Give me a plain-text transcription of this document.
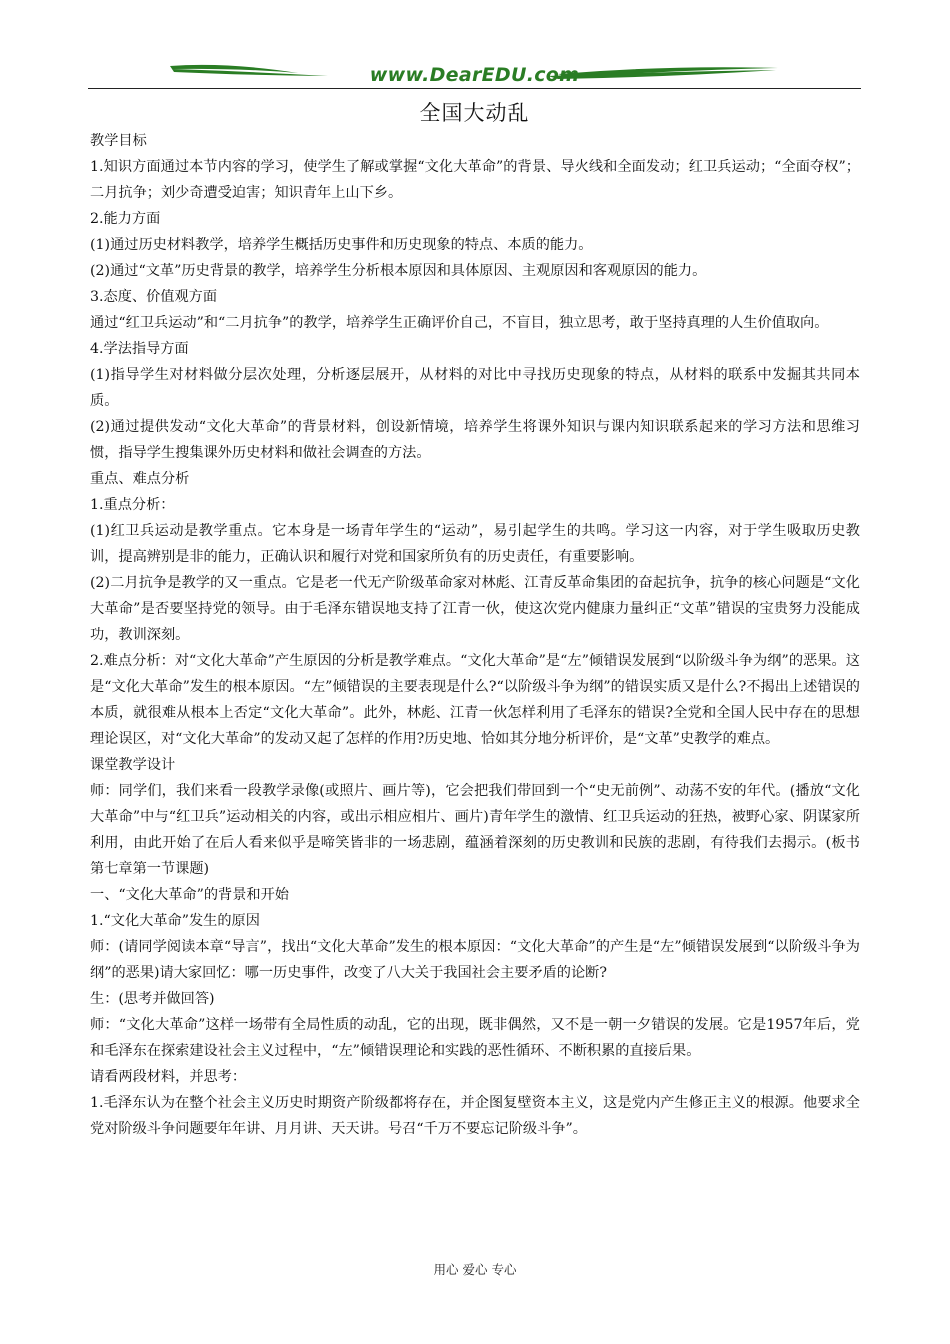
www.DearEDU.com
全国大动乱

教学目标

1.知识方面通过本节内容的学习，使学生了解或掌握“文化大革命”的背景、导火线和全面发动；红卫兵运动；“全面夺权”；二月抗争；刘少奇遭受迫害；知识青年上山下乡。

2.能力方面

(1)通过历史材料教学，培养学生概括历史事件和历史现象的特点、本质的能力。

(2)通过“文革”历史背景的教学，培养学生分析根本原因和具体原因、主观原因和客观原因的能力。

3.态度、价值观方面

通过“红卫兵运动”和“二月抗争”的教学，培养学生正确评价自己，不盲目，独立思考，敢于坚持真理的人生价值取向。

4.学法指导方面

(1)指导学生对材料做分层次处理，分析逐层展开，从材料的对比中寻找历史现象的特点，从材料的联系中发掘其共同本质。

(2)通过提供发动“文化大革命”的背景材料，创设新情境，培养学生将课外知识与课内知识联系起来的学习方法和思维习惯，指导学生搜集课外历史材料和做社会调查的方法。

重点、难点分析

1.重点分析：

(1)红卫兵运动是教学重点。它本身是一场青年学生的“运动”，易引起学生的共鸣。学习这一内容，对于学生吸取历史教训，提高辨别是非的能力，正确认识和履行对党和国家所负有的历史责任，有重要影响。

(2)二月抗争是教学的又一重点。它是老一代无产阶级革命家对林彪、江青反革命集团的奋起抗争，抗争的核心问题是“文化大革命”是否要坚持党的领导。由于毛泽东错误地支持了江青一伙，使这次党内健康力量纠正“文革”错误的宝贵努力没能成功，教训深刻。

2.难点分析：对“文化大革命”产生原因的分析是教学难点。“文化大革命”是“左”倾错误发展到“以阶级斗争为纲”的恶果。这是“文化大革命”发生的根本原因。“左”倾错误的主要表现是什么?“以阶级斗争为纲”的错误实质又是什么?不揭出上述错误的本质，就很难从根本上否定“文化大革命”。此外，林彪、江青一伙怎样利用了毛泽东的错误?全党和全国人民中存在的思想理论误区，对“文化大革命”的发动又起了怎样的作用?历史地、恰如其分地分析评价，是“文革”史教学的难点。

课堂教学设计

师：同学们，我们来看一段教学录像(或照片、画片等)，它会把我们带回到一个“史无前例”、动荡不安的年代。(播放“文化大革命”中与“红卫兵”运动相关的内容，或出示相应相片、画片)青年学生的激情、红卫兵运动的狂热，被野心家、阴谋家所利用，由此开始了在后人看来似乎是啼笑皆非的一场悲剧，蕴涵着深刻的历史教训和民族的悲剧，有待我们去揭示。(板书第七章第一节课题)

一、“文化大革命”的背景和开始

1.“文化大革命”发生的原因

师：(请同学阅读本章“导言”，找出“文化大革命”发生的根本原因：“文化大革命”的产生是“左”倾错误发展到“以阶级斗争为纲”的恶果)请大家回忆：哪一历史事件，改变了八大关于我国社会主要矛盾的论断?

生：(思考并做回答)

师：“文化大革命”这样一场带有全局性质的动乱，它的出现，既非偶然，又不是一朝一夕错误的发展。它是1957年后，党和毛泽东在探索建设社会主义过程中，“左”倾错误理论和实践的恶性循环、不断积累的直接后果。

请看两段材料，并思考：

1.毛泽东认为在整个社会主义历史时期资产阶级都将存在，并企图复壁资本主义，这是党内产生修正主义的根源。他要求全党对阶级斗争问题要年年讲、月月讲、天天讲。号召“千万不要忘记阶级斗争”。

用心 爱心 专心
